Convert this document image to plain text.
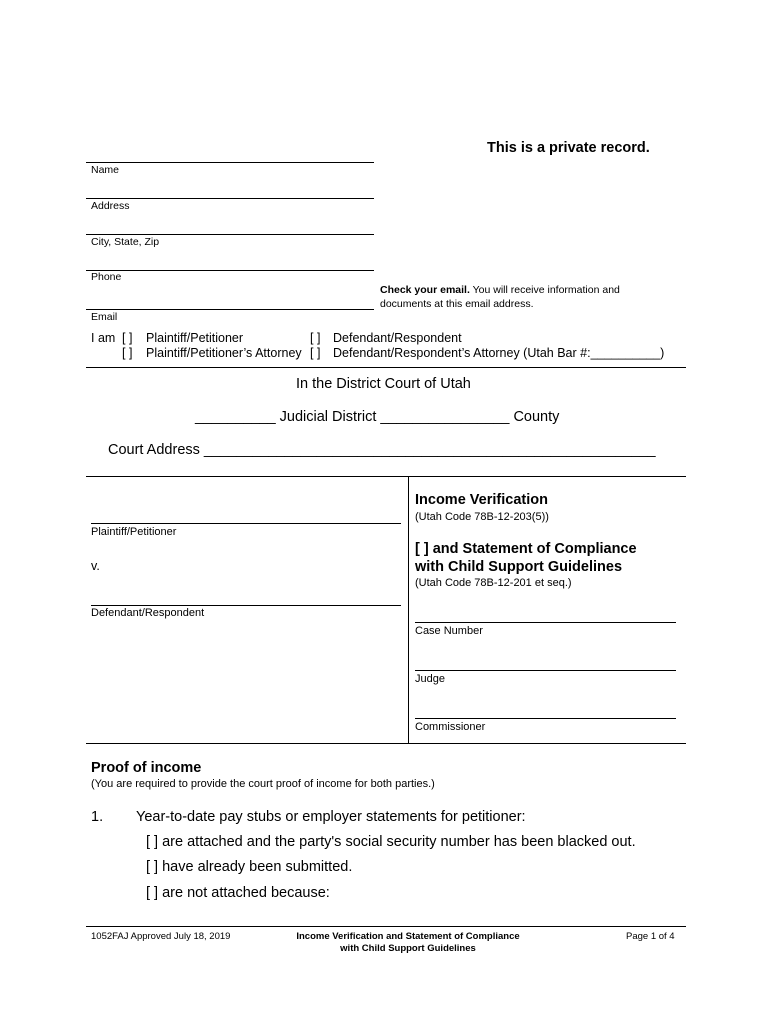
This is a private record.
Name
Address
City, State, Zip
Phone
Check your email. You will receive information and
documents at this email address.
Email
I am [ ] Plaintiff/Petitioner	[ ] Defendant/Respondent
[ ] Plaintiff/Petitioner’s Attorney [ ] Defendant/Respondent’s Attorney (Utah Bar #:__________)
In the District Court of Utah
__________ Judicial District ________________ County
Court Address ________________________________________________________
Plaintiff/Petitioner
v.
Defendant/Respondent
Income Verification
(Utah Code 78B-12-203(5))
[ ] and Statement of Compliance
with Child Support Guidelines
(Utah Code 78B-12-201 et seq.)
Case Number
Judge
Commissioner
Proof of income
(You are required to provide the court proof of income for both parties.)
1. Year-to-date pay stubs or employer statements for petitioner:
[ ] are attached and the party's social security number has been blacked out.
[ ] have already been submitted.
[ ] are not attached because:
1052FAJ Approved July 18, 2019	Income Verification and Statement of Compliance
with Child Support Guidelines
Page 1 of 4
